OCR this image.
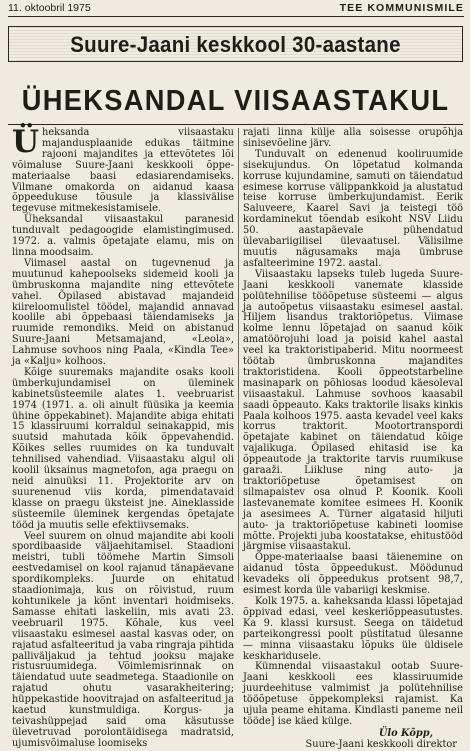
11. oktoobril 1975	TEE KOMMUNISMILE
Suure-Jaani keskkool 30-aastane
ÜHEKSANDAL VIISAASTAKUL

Üheksanda viisaastaku majandusplaanide edukas täitmine rajooni majandites ja ettevõtetes lõi võimaluse Suure-Jaani keskkooli õppe-materiaalse baasi edasiarendamiseks. Vilmane omakorda on aidanud kaasa õppeedukuse tõusule ja klassivälise tegevuse mitmekesistamisele.

Üheksandal viisaastakul paranesid tunduvalt pedagoogide elamistingimused. 1972. a. valmis õpetajate elamu, mis on linna moodsaim.

Viimasel aastal on tugevnenud ja muutunud kahepoolseks sidemeid kooli ja ümbruskonna majandite ning ettevõtete vahel. Õpilased abistavad majandeid kiireloomulistel töödel, majandid annavad koolile abi õppebaasi täiendamiseks ja ruumide remondiks. Meid on abistanud Suure-Jaani Metsamajand, «Leola», Lahmuse sovhoos ning Paala, «Kindla Tee» ja «Kalju» kolhoos.

Kõige suuremaks majandite osaks kooli ümberkujundamisel on üleminek kabinetsüsteemile alates 1. veebruarist 1974 (1971. a. oli ainult füüsika ja keemia ühine õppekabinet). Majandite abiga ehitati 15 klassiruumi korraldul seinakappid, mis suutsid mahutada kõik õppevahendid. Kõikes selles ruumides on ka tunduvalt tehnilised vahendiad. Viisaastaku algul oli koolil üksainus magnetofon, aga praegu on neid ainuüksi 11. Projektorite arv on suurenenud viis korda, pimendatavaid klasse on praegu üksteist jne. Aineklasside süsteemile üleminek kergendas õpetajate tööd ja muutis selle efektiivsemaks.

Veel suurem on olnud majandite abi kooli spordibaaside väljaehitamisel. Staadioni meistri, tubli töömehe Martin Simsoli eestvedamisel on kool rajanud tänapäevane spordikompleks. Juurde on ehitatud staadionimaja, kus on rõivistud, ruum kohtunikele ja kõnt inventari hoidmiseks. Samasse ehitati laskeliin, mis avati 23. veebruaril 1975. Kõhale, kus veel viisaastaku esimesel aastal kasvas oder, on rajatud asfalteeritud ja vaba ringraja pihtida palliväljakud ja tehtud jooksu majake ristusruumidega. Võimlemisrinnak on täiendatud uute seadmetega. Staadionile on rajatud ohutu vasarakheitering; hüppekastide hoovitrajad on asfalteeritud ja kaetud kunstmuldiga. Korgus- ja teivashüppejad said oma käsutusse ülevetruvad porolontäidisega madratsid, ujumisvõimaluse loomiseks

rajati linna külje alla soisesse orupõhja sinisevõeline järv.

Tunduvalt on edenenud kooliruumide sisekujundus. On lõpetatud kolmanda korruse kujundamine, samuti on täiendatud esimese korruse välippankkoid ja alustatud teise korruse ümberkujundamist. Eerik Saluveere, Kaarel Savi ja teistegi töö kordaminekut tõendab esikoht NSV Liidu 50. aastapäevale pühendatud ülevabariigilisel ülevaatusel. Välisilme muutis nägusamaks maja ümbruse asfalteerimine 1972. aastal.

Viisaastaku lapseks tuleb lugeda Suure-Jaani keskkooli vanemate klasside polütehnilise tööõpetuse süsteemi — algus ja autoõpetus viisaastaku esimesel aastal. Hiljem lisandus traktoriõpetus. Viimase kolme lennu lõpetajad on saanud kõik amatöörojuhi load ja poisid kahel aastal veel ka traktoristipaberid. Mitu noormeest töötab ümbruskonna majandites traktoristidena. Kooli õppeotstarbeline masinapark on põhiosas loodud käesoleval viisaastakul. Lahmuse sovhoos kaasabil saadi õppeauto. Kaks traktorile lisaks kinkis Paala kolhoos 1975. aasta kevadel veel kaks korrus traktorit. Mootortranspordi õpetajate kabinet on täiendatud kõige vajalikuga. Õpilased ehitasid ise ka õppeautode ja traktorite tarvis ruumikuse garaaži. Liikluse ning auto- ja traktoriõpetuse õpetamisest on silmapaistev osa olnud P. Koonik. Kooli lastevanemate komitee esimees H. Koonik ja asesimees A. Türner algatasid hiljuti auto- ja traktoriõpetuse kabineti loomise mõtte. Projekti juba koostatakse, ehitustööd järgmise viisaastakul.

Õppe-materiaalse baasi täienemine on aidanud tõsta õppeedukust. Möödunud kevadeks oli õppeedukus protsent 98,7, esimest korda üle vabariigi keskmise.

Kolk 1975. a. kaheksanda klassi lõpetajad õppivad edasi, veel keskeriõppeasutustes. Ka 9. klassi kursust. Seega on täidetud parteikongressi poolt püstitatud ülesanne — minna viisaastaku lõpuks üle üldisele keskharidusele.

Kümnendal viisaastakul ootab Suure-Jaani keskkooli ees klassiruumide juurdeehituse valmimist ja polütehnilise tööõpetuse õppekompleksi rajamist. Ka ujula peame ehitama. Kindlasti paneme neil tööde] ise käed külge.

Ülo Kõpp,
Suure-Jaani keskkooli direktor
